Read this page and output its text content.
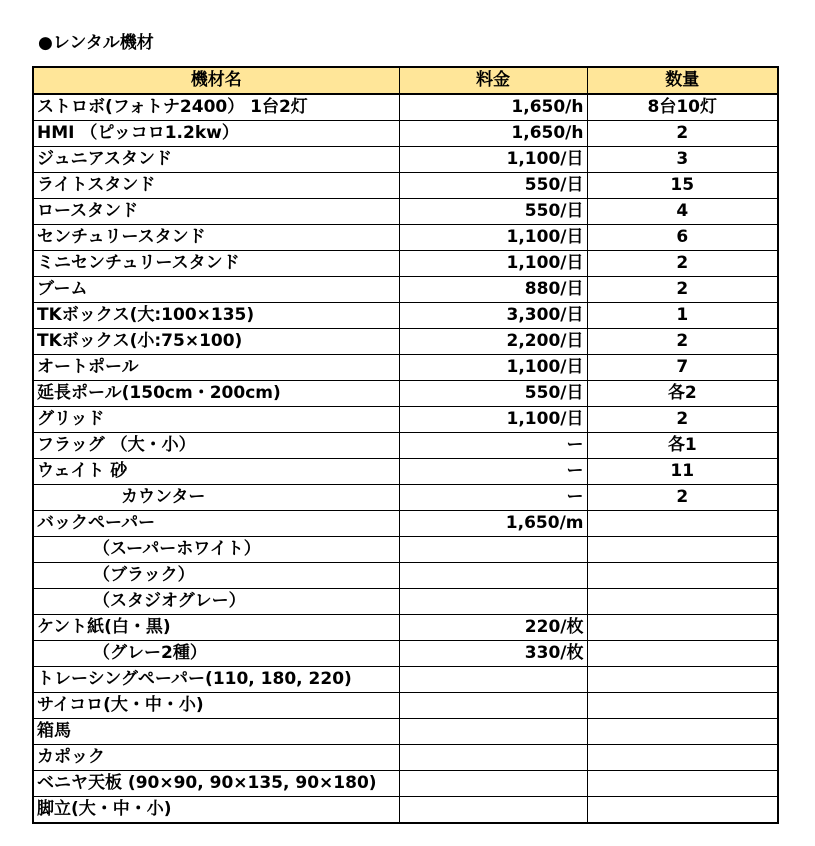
●レンタル機材
機材名	料金	数量
ストロボ(フォトナ2400） 1台2灯	1,650/h	8台10灯
HMI （ピッコロ1.2kw）	1,650/h	2
ジュニアスタンド	1,100/日	3
ライトスタンド	550/日	15
ロースタンド	550/日	4
センチュリースタンド	1,100/日	6
ミニセンチュリースタンド	1,100/日	2
ブーム	880/日	2
TKボックス(大:100×135)	3,300/日	1
TKボックス(小:75×100)	2,200/日	2
オートポール	1,100/日	7
延長ポール(150cm・200cm)	550/日	各2
グリッド	1,100/日	2
フラッグ （大・小）	ー	各1
ウェイト 砂	ー	11
カウンター	ー	2
バックペーパー	1,650/m	
（スーパーホワイト）		
（ブラック）		
（スタジオグレー）		
ケント紙(白・黒)	220/枚	
（グレー2種）	330/枚	
トレーシングペーパー(110, 180, 220)		
サイコロ(大・中・小)		
箱馬		
カポック		
ベニヤ天板 (90×90, 90×135, 90×180)		
脚立(大・中・小)		
